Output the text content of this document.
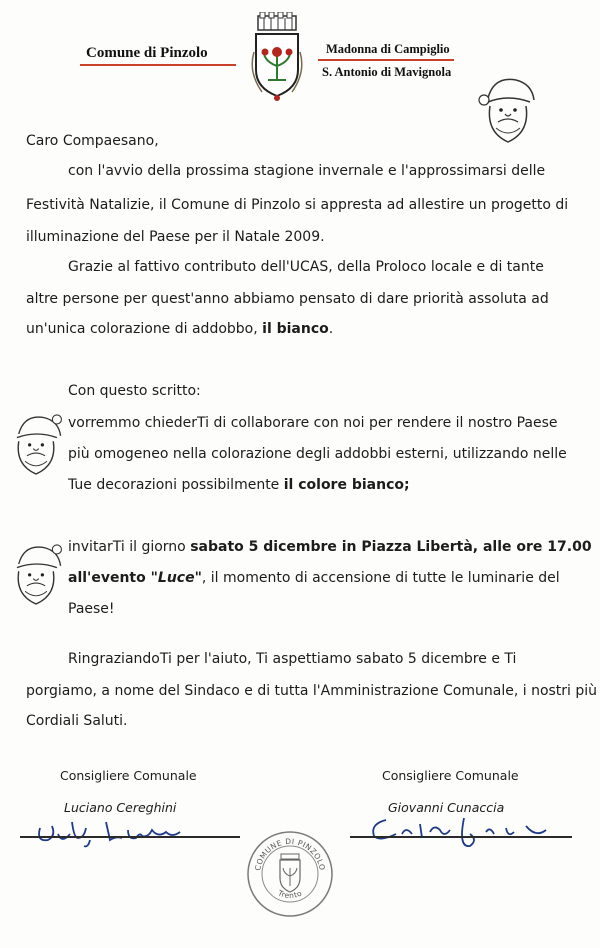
Comune di Pinzolo	Madonna di Campiglio
S. Antonio di Mavignola
Caro Compaesano,
con l'avvio della prossima stagione invernale e l'approssimarsi delle
Festività Natalizie, il Comune di Pinzolo si appresta ad allestire un progetto di
illuminazione del Paese per il Natale 2009.
Grazie al fattivo contributo dell'UCAS, della Proloco locale e di tante
altre persone per quest'anno abbiamo pensato di dare priorità assoluta ad
un'unica colorazione di addobbo, il bianco.
Con questo scritto:
vorremmo chiederTi di collaborare con noi per rendere il nostro Paese
più omogeneo nella colorazione degli addobbi esterni, utilizzando nelle
Tue decorazioni possibilmente il colore bianco;
invitarTi il giorno sabato 5 dicembre in Piazza Libertà, alle ore 17.00
all'evento "Luce", il momento di accensione di tutte le luminarie del
Paese!
RingraziandoTi per l'aiuto, Ti aspettiamo sabato 5 dicembre e Ti
porgiamo, a nome del Sindaco e di tutta l'Amministrazione Comunale, i nostri più
Cordiali Saluti.
Consigliere Comunale
Luciano Cereghini
Consigliere Comunale
Giovanni Cunaccia
COMUNE DI PINZOLO
Trento
